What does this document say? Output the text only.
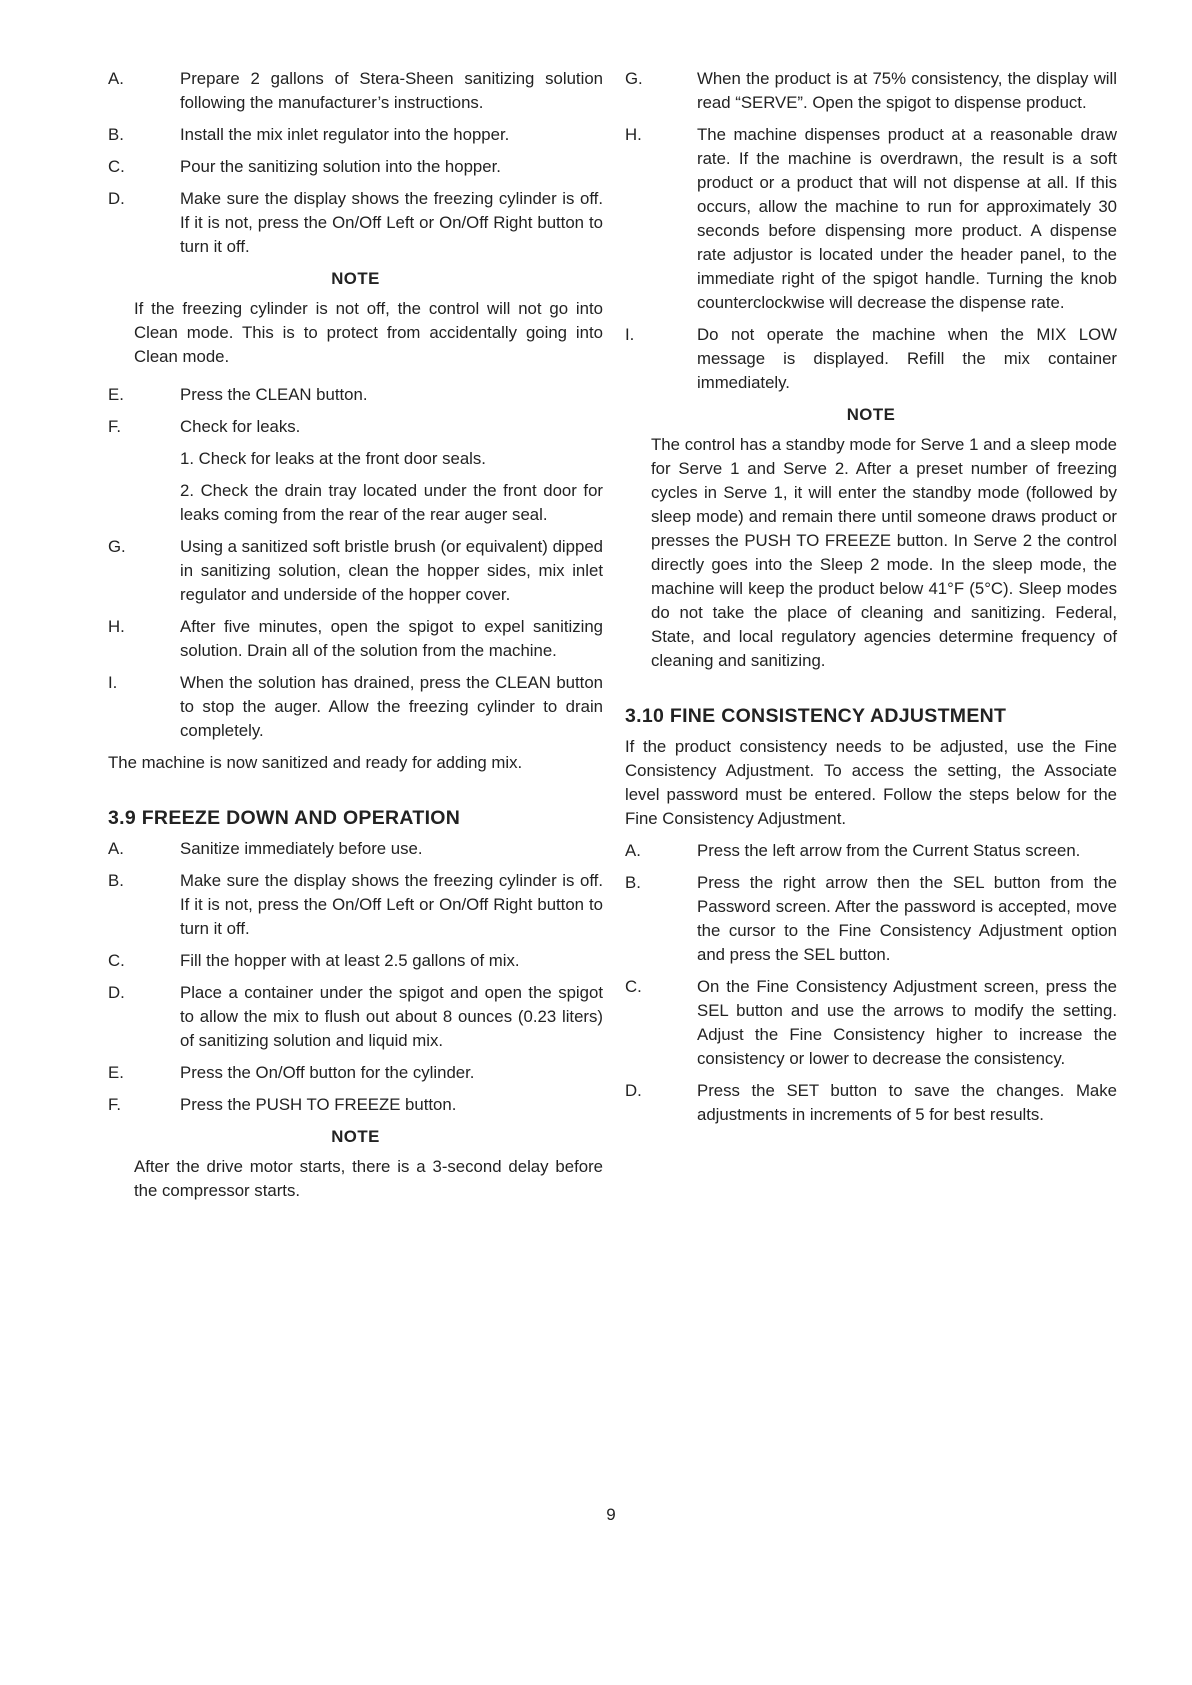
A.	Prepare 2 gallons of Stera-Sheen sanitizing solution following the manufacturer’s instructions.
B.	Install the mix inlet regulator into the hopper.
C.	Pour the sanitizing solution into the hopper.
D.	Make sure the display shows the freezing cylinder is off. If it is not, press the On/Off Left or On/Off Right button to turn it off.
NOTE
If the freezing cylinder is not off, the control will not go into Clean mode. This is to protect from accidentally going into Clean mode.
E.	Press the CLEAN button.
F.	Check for leaks.
1. Check for leaks at the front door seals.
2. Check the drain tray located under the front door for leaks coming from the rear of the rear auger seal.
G.	Using a sanitized soft bristle brush (or equivalent) dipped in sanitizing solution, clean the hopper sides, mix inlet regulator and underside of the hopper cover.
H.	After five minutes, open the spigot to expel sanitizing solution. Drain all of the solution from the machine.
I.	When the solution has drained, press the CLEAN button to stop the auger. Allow the freezing cylinder to drain completely.
The machine is now sanitized and ready for adding mix.
3.9 FREEZE DOWN AND OPERATION
A.	Sanitize immediately before use.
B.	Make sure the display shows the freezing cylinder is off. If it is not, press the On/Off Left or On/Off Right button to turn it off.
C.	Fill the hopper with at least 2.5 gallons of mix.
D.	Place a container under the spigot and open the spigot to allow the mix to flush out about 8 ounces (0.23 liters) of sanitizing solution and liquid mix.
E.	Press the On/Off button for the cylinder.
F.	Press the PUSH TO FREEZE button.
NOTE
After the drive motor starts, there is a 3-second delay before the compressor starts.
G.	When the product is at 75% consistency, the display will read “SERVE”. Open the spigot to dispense product.
H.	The machine dispenses product at a reasonable draw rate. If the machine is overdrawn, the result is a soft product or a product that will not dispense at all. If this occurs, allow the machine to run for approximately 30 seconds before dispensing more product. A dispense rate adjustor is located under the header panel, to the immediate right of the spigot handle. Turning the knob counterclockwise will decrease the dispense rate.
I.	Do not operate the machine when the MIX LOW message is displayed. Refill the mix container immediately.
NOTE
The control has a standby mode for Serve 1 and a sleep mode for Serve 1 and Serve 2. After a preset number of freezing cycles in Serve 1, it will enter the standby mode (followed by sleep mode) and remain there until someone draws product or presses the PUSH TO FREEZE button. In Serve 2 the control directly goes into the Sleep 2 mode. In the sleep mode, the machine will keep the product below 41°F (5°C). Sleep modes do not take the place of cleaning and sanitizing. Federal, State, and local regulatory agencies determine frequency of cleaning and sanitizing.
3.10 FINE CONSISTENCY ADJUSTMENT
If the product consistency needs to be adjusted, use the Fine Consistency Adjustment. To access the setting, the Associate level password must be entered. Follow the steps below for the Fine Consistency Adjustment.
A.	Press the left arrow from the Current Status screen.
B.	Press the right arrow then the SEL button from the Password screen. After the password is accepted, move the cursor to the Fine Consistency Adjustment option and press the SEL button.
C.	On the Fine Consistency Adjustment screen, press the SEL button and use the arrows to modify the setting. Adjust the Fine Consistency higher to increase the consistency or lower to decrease the consistency.
D.	Press the SET button to save the changes. Make adjustments in increments of 5 for best results.
9
